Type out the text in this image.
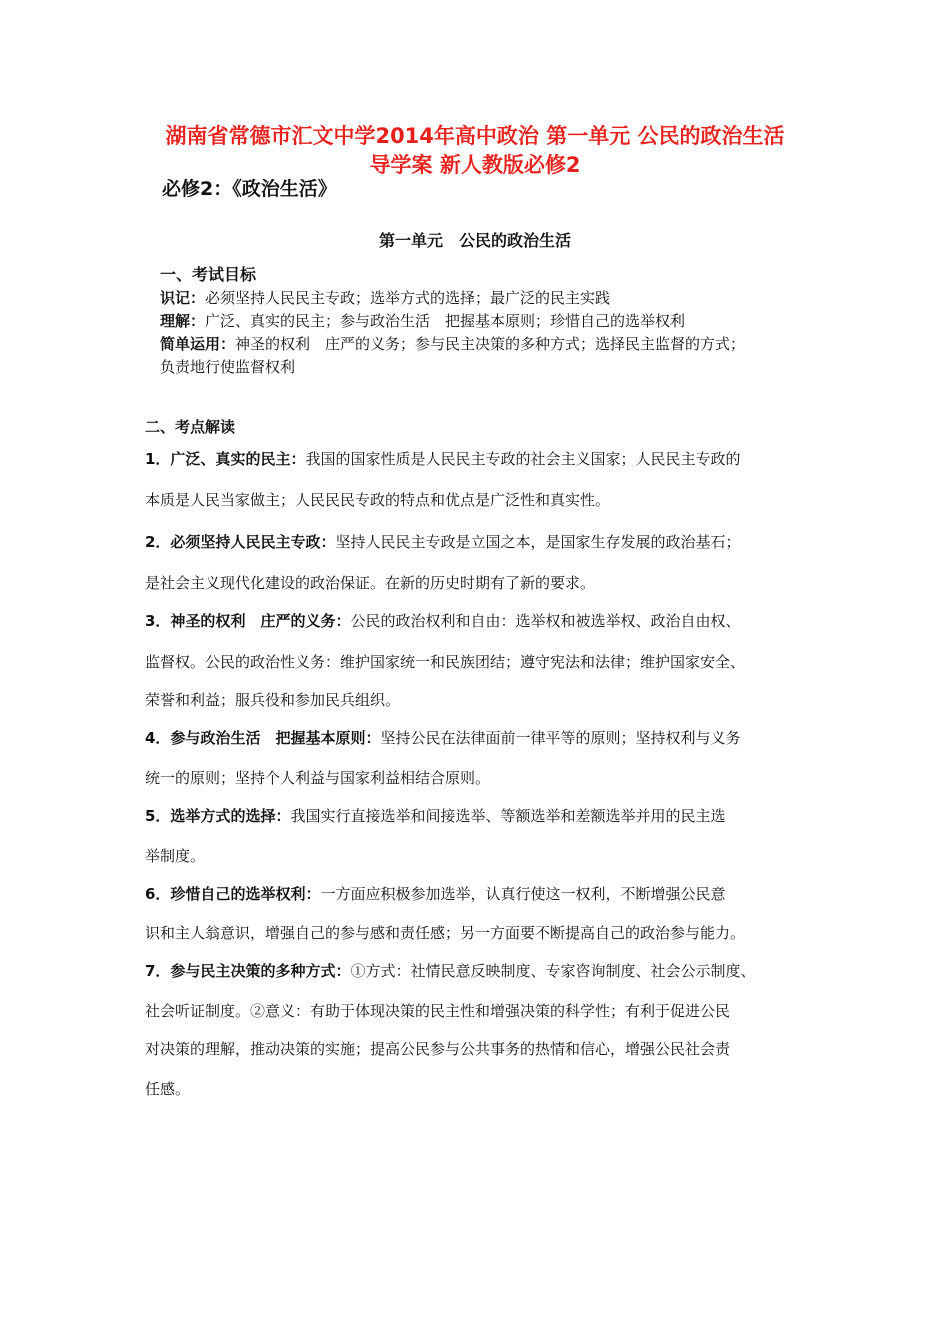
湖南省常德市汇文中学2014年高中政治 第一单元 公民的政治生活
导学案 新人教版必修2
必修2：《政治生活》
第一单元　公民的政治生活
一、考试目标
识记：必须坚持人民民主专政；选举方式的选择；最广泛的民主实践
理解：广泛、真实的民主；参与政治生活　把握基本原则；珍惜自己的选举权利
简单运用：神圣的权利　庄严的义务；参与民主决策的多种方式；选择民主监督的方式；
负责地行使监督权利
二、考点解读
1．广泛、真实的民主：我国的国家性质是人民民主专政的社会主义国家；人民民主专政的
本质是人民当家做主；人民民民专政的特点和优点是广泛性和真实性。
2．必须坚持人民民主专政：坚持人民民主专政是立国之本，是国家生存发展的政治基石；
是社会主义现代化建设的政治保证。在新的历史时期有了新的要求。
3．神圣的权利　庄严的义务：公民的政治权利和自由：选举权和被选举权、政治自由权、
监督权。公民的政治性义务：维护国家统一和民族团结；遵守宪法和法律；维护国家安全、
荣誉和利益；服兵役和参加民兵组织。
4．参与政治生活　把握基本原则：坚持公民在法律面前一律平等的原则；坚持权利与义务
统一的原则；坚持个人利益与国家利益相结合原则。
5．选举方式的选择：我国实行直接选举和间接选举、等额选举和差额选举并用的民主选
举制度。
6．珍惜自己的选举权利：一方面应积极参加选举，认真行使这一权利，不断增强公民意
识和主人翁意识，增强自己的参与感和责任感；另一方面要不断提高自己的政治参与能力。
7．参与民主决策的多种方式：①方式：社情民意反映制度、专家咨询制度、社会公示制度、
社会听证制度。②意义：有助于体现决策的民主性和增强决策的科学性；有利于促进公民
对决策的理解，推动决策的实施；提高公民参与公共事务的热情和信心，增强公民社会责
任感。
